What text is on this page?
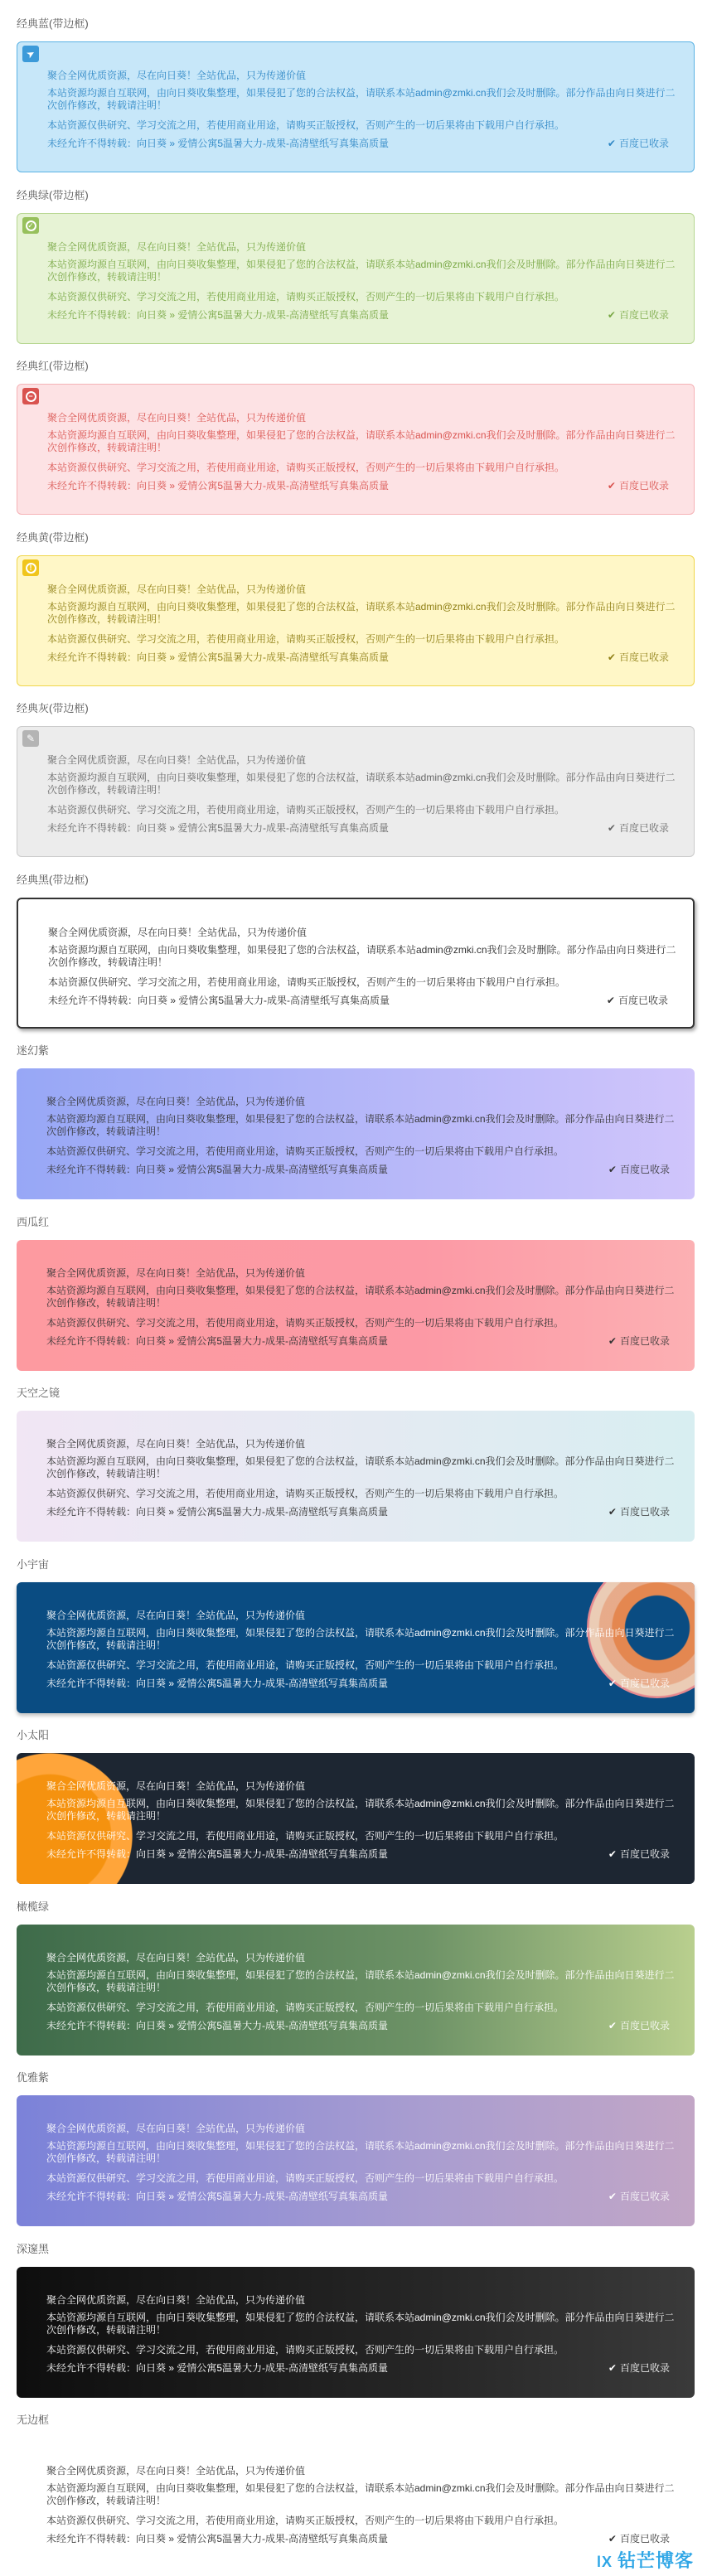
经典蓝(带边框)
➤
聚合全网优质资源，尽在向日葵！全站优品，只为传递价值
本站资源均源自互联网，由向日葵收集整理，如果侵犯了您的合法权益，请联系本站admin@zmki.cn我们会及时删除。部分作品由向日葵进行二次创作修改，转载请注明！
本站资源仅供研究、学习交流之用，若使用商业用途，请购买正版授权，否则产生的一切后果将由下载用户自行承担。
未经允许不得转载：向日葵 » 爱情公寓5温暑大力-成果-高清壁纸写真集高质量	✔ 百度已收录
经典绿(带边框)
✓
聚合全网优质资源，尽在向日葵！全站优品，只为传递价值
本站资源均源自互联网，由向日葵收集整理，如果侵犯了您的合法权益，请联系本站admin@zmki.cn我们会及时删除。部分作品由向日葵进行二次创作修改，转载请注明！
本站资源仅供研究、学习交流之用，若使用商业用途，请购买正版授权，否则产生的一切后果将由下载用户自行承担。
未经允许不得转载：向日葵 » 爱情公寓5温暑大力-成果-高清壁纸写真集高质量	✔ 百度已收录
经典红(带边框)
−
聚合全网优质资源，尽在向日葵！全站优品，只为传递价值
本站资源均源自互联网，由向日葵收集整理，如果侵犯了您的合法权益，请联系本站admin@zmki.cn我们会及时删除。部分作品由向日葵进行二次创作修改，转载请注明！
本站资源仅供研究、学习交流之用，若使用商业用途，请购买正版授权，否则产生的一切后果将由下载用户自行承担。
未经允许不得转载：向日葵 » 爱情公寓5温暑大力-成果-高清壁纸写真集高质量	✔ 百度已收录
经典黄(带边框)
!
聚合全网优质资源，尽在向日葵！全站优品，只为传递价值
本站资源均源自互联网，由向日葵收集整理，如果侵犯了您的合法权益，请联系本站admin@zmki.cn我们会及时删除。部分作品由向日葵进行二次创作修改，转载请注明！
本站资源仅供研究、学习交流之用，若使用商业用途，请购买正版授权，否则产生的一切后果将由下载用户自行承担。
未经允许不得转载：向日葵 » 爱情公寓5温暑大力-成果-高清壁纸写真集高质量	✔ 百度已收录
经典灰(带边框)
✎
聚合全网优质资源，尽在向日葵！全站优品，只为传递价值
本站资源均源自互联网，由向日葵收集整理，如果侵犯了您的合法权益，请联系本站admin@zmki.cn我们会及时删除。部分作品由向日葵进行二次创作修改，转载请注明！
本站资源仅供研究、学习交流之用，若使用商业用途，请购买正版授权，否则产生的一切后果将由下载用户自行承担。
未经允许不得转载：向日葵 » 爱情公寓5温暑大力-成果-高清壁纸写真集高质量	✔ 百度已收录
经典黑(带边框)
聚合全网优质资源，尽在向日葵！全站优品，只为传递价值
本站资源均源自互联网，由向日葵收集整理，如果侵犯了您的合法权益，请联系本站admin@zmki.cn我们会及时删除。部分作品由向日葵进行二次创作修改，转载请注明！
本站资源仅供研究、学习交流之用，若使用商业用途，请购买正版授权，否则产生的一切后果将由下载用户自行承担。
未经允许不得转载：向日葵 » 爱情公寓5温暑大力-成果-高清壁纸写真集高质量	✔ 百度已收录
迷幻紫
聚合全网优质资源，尽在向日葵！全站优品，只为传递价值
本站资源均源自互联网，由向日葵收集整理，如果侵犯了您的合法权益，请联系本站admin@zmki.cn我们会及时删除。部分作品由向日葵进行二次创作修改，转载请注明！
本站资源仅供研究、学习交流之用，若使用商业用途，请购买正版授权，否则产生的一切后果将由下载用户自行承担。
未经允许不得转载：向日葵 » 爱情公寓5温暑大力-成果-高清壁纸写真集高质量	✔ 百度已收录
西瓜红
聚合全网优质资源，尽在向日葵！全站优品，只为传递价值
本站资源均源自互联网，由向日葵收集整理，如果侵犯了您的合法权益，请联系本站admin@zmki.cn我们会及时删除。部分作品由向日葵进行二次创作修改，转载请注明！
本站资源仅供研究、学习交流之用，若使用商业用途，请购买正版授权，否则产生的一切后果将由下载用户自行承担。
未经允许不得转载：向日葵 » 爱情公寓5温暑大力-成果-高清壁纸写真集高质量	✔ 百度已收录
天空之镜
聚合全网优质资源，尽在向日葵！全站优品，只为传递价值
本站资源均源自互联网，由向日葵收集整理，如果侵犯了您的合法权益，请联系本站admin@zmki.cn我们会及时删除。部分作品由向日葵进行二次创作修改，转载请注明！
本站资源仅供研究、学习交流之用，若使用商业用途，请购买正版授权，否则产生的一切后果将由下载用户自行承担。
未经允许不得转载：向日葵 » 爱情公寓5温暑大力-成果-高清壁纸写真集高质量	✔ 百度已收录
小宇宙
聚合全网优质资源，尽在向日葵！全站优品，只为传递价值
本站资源均源自互联网，由向日葵收集整理，如果侵犯了您的合法权益，请联系本站admin@zmki.cn我们会及时删除。部分作品由向日葵进行二次创作修改，转载请注明！
本站资源仅供研究、学习交流之用，若使用商业用途，请购买正版授权，否则产生的一切后果将由下载用户自行承担。
未经允许不得转载：向日葵 » 爱情公寓5温暑大力-成果-高清壁纸写真集高质量	✔ 百度已收录
小太阳
聚合全网优质资源，尽在向日葵！全站优品，只为传递价值
本站资源均源自互联网，由向日葵收集整理，如果侵犯了您的合法权益，请联系本站admin@zmki.cn我们会及时删除。部分作品由向日葵进行二次创作修改，转载请注明！
本站资源仅供研究、学习交流之用，若使用商业用途，请购买正版授权，否则产生的一切后果将由下载用户自行承担。
未经允许不得转载：向日葵 » 爱情公寓5温暑大力-成果-高清壁纸写真集高质量	✔ 百度已收录
橄榄绿
聚合全网优质资源，尽在向日葵！全站优品，只为传递价值
本站资源均源自互联网，由向日葵收集整理，如果侵犯了您的合法权益，请联系本站admin@zmki.cn我们会及时删除。部分作品由向日葵进行二次创作修改，转载请注明！
本站资源仅供研究、学习交流之用，若使用商业用途，请购买正版授权，否则产生的一切后果将由下载用户自行承担。
未经允许不得转载：向日葵 » 爱情公寓5温暑大力-成果-高清壁纸写真集高质量	✔ 百度已收录
优雅紫
聚合全网优质资源，尽在向日葵！全站优品，只为传递价值
本站资源均源自互联网，由向日葵收集整理，如果侵犯了您的合法权益，请联系本站admin@zmki.cn我们会及时删除。部分作品由向日葵进行二次创作修改，转载请注明！
本站资源仅供研究、学习交流之用，若使用商业用途，请购买正版授权，否则产生的一切后果将由下载用户自行承担。
未经允许不得转载：向日葵 » 爱情公寓5温暑大力-成果-高清壁纸写真集高质量	✔ 百度已收录
深邃黑
聚合全网优质资源，尽在向日葵！全站优品，只为传递价值
本站资源均源自互联网，由向日葵收集整理，如果侵犯了您的合法权益，请联系本站admin@zmki.cn我们会及时删除。部分作品由向日葵进行二次创作修改，转载请注明！
本站资源仅供研究、学习交流之用，若使用商业用途，请购买正版授权，否则产生的一切后果将由下载用户自行承担。
未经允许不得转载：向日葵 » 爱情公寓5温暑大力-成果-高清壁纸写真集高质量	✔ 百度已收录
无边框
聚合全网优质资源，尽在向日葵！全站优品，只为传递价值
本站资源均源自互联网，由向日葵收集整理，如果侵犯了您的合法权益，请联系本站admin@zmki.cn我们会及时删除。部分作品由向日葵进行二次创作修改，转载请注明！
本站资源仅供研究、学习交流之用，若使用商业用途，请购买正版授权，否则产生的一切后果将由下载用户自行承担。
未经允许不得转载：向日葵 » 爱情公寓5温暑大力-成果-高清壁纸写真集高质量	✔ 百度已收录
lX 钻芒博客
